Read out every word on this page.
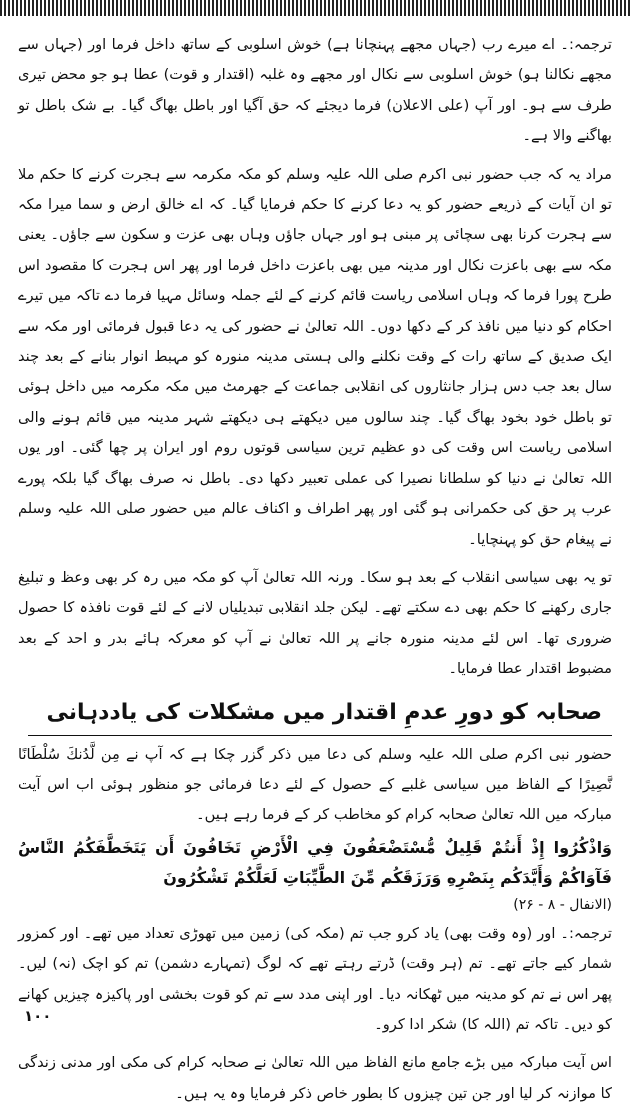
ترجمہ:۔ اے میرے رب (جہاں مجھے پہنچانا ہے) خوش اسلوبی کے ساتھ داخل فرما اور (جہاں سے مجھے نکالنا ہو) خوش اسلوبی سے نکال اور مجھے وہ غلبہ (اقتدار و قوت) عطا ہو جو محض تیری طرف سے ہو۔ اور آپ (علی الاعلان) فرما دیجئے کہ حق آگیا اور باطل بھاگ گیا۔ بے شک باطل تو بھاگنے والا ہے۔

مراد یہ کہ جب حضور نبی اکرم صلی اللہ علیہ وسلم کو مکہ مکرمہ سے ہجرت کرنے کا حکم ملا تو ان آیات کے ذریعے حضور کو یہ دعا کرنے کا حکم فرمایا گیا۔ کہ اے خالق ارض و سما میرا مکہ سے ہجرت کرنا بھی سچائی پر مبنی ہو اور جہاں جاؤں وہاں بھی عزت و سکون سے جاؤں۔ یعنی مکہ سے بھی باعزت نکال اور مدینہ میں بھی باعزت داخل فرما اور پھر اس ہجرت کا مقصود اس طرح پورا فرما کہ وہاں اسلامی ریاست قائم کرنے کے لئے جملہ وسائل مہیا فرما دے تاکہ میں تیرے احکام کو دنیا میں نافذ کر کے دکھا دوں۔ اللہ تعالیٰ نے حضور کی یہ دعا قبول فرمائی اور مکہ سے ایک صدیق کے ساتھ رات کے وقت نکلنے والی ہستی مدینہ منورہ کو مہبط انوار بنانے کے بعد چند سال بعد جب دس ہزار جانثاروں کی انقلابی جماعت کے جھرمٹ میں مکہ مکرمہ میں داخل ہوئی تو باطل خود بخود بھاگ گیا۔ چند سالوں میں دیکھتے ہی دیکھتے شہر مدینہ میں قائم ہونے والی اسلامی ریاست اس وقت کی دو عظیم ترین سیاسی قوتوں روم اور ایران پر چھا گئی۔ اور یوں اللہ تعالیٰ نے دنیا کو سلطانا نصیرا کی عملی تعبیر دکھا دی۔ باطل نہ صرف بھاگ گیا بلکہ پورے عرب پر حق کی حکمرانی ہو گئی اور پھر اطراف و اکناف عالم میں حضور صلی اللہ علیہ وسلم نے پیغام حق کو پہنچایا۔

تو یہ بھی سیاسی انقلاب کے بعد ہو سکا۔ ورنہ اللہ تعالیٰ آپ کو مکہ میں رہ کر بھی وعظ و تبلیغ جاری رکھنے کا حکم بھی دے سکتے تھے۔ لیکن جلد انقلابی تبدیلیاں لانے کے لئے قوت نافذہ کا حصول ضروری تھا۔ اس لئے مدینہ منورہ جانے پر اللہ تعالیٰ نے آپ کو معرکہ ہائے بدر و احد کے بعد مضبوط اقتدار عطا فرمایا۔

صحابہ کو دورِ عدمِ اقتدار میں مشکلات کی یاددہانی

حضور نبی اکرم صلی اللہ علیہ وسلم کی دعا میں ذکر گزر چکا ہے کہ آپ نے مِن لَّدُنكَ سُلْطَانًا نَّصِيرًا کے الفاظ میں سیاسی غلبے کے حصول کے لئے دعا فرمائی جو منظور ہوئی اب اس آیت مبارکہ میں اللہ تعالیٰ صحابہ کرام کو مخاطب کر کے فرما رہے ہیں۔

وَاذْكُرُوا إِذْ أَنتُمْ قَلِيلٌ مُّسْتَضْعَفُونَ فِي الْأَرْضِ تَخَافُونَ أَن يَتَخَطَّفَكُمُ النَّاسُ فَآوَاكُمْ وَأَيَّدَكُم بِنَصْرِهِ وَرَزَقَكُم مِّنَ الطَّيِّبَاتِ لَعَلَّكُمْ تَشْكُرُونَ

(الانفال - ۸ - ۲۶)

ترجمہ:۔ اور (وہ وقت بھی) یاد کرو جب تم (مکہ کی) زمین میں تھوڑی تعداد میں تھے۔ اور کمزور شمار کیے جاتے تھے۔ تم (ہر وقت) ڈرتے رہتے تھے کہ لوگ (تمہارے دشمن) تم کو اچک (نہ) لیں۔ پھر اس نے تم کو مدینہ میں ٹھکانہ دیا۔ اور اپنی مدد سے تم کو قوت بخشی اور پاکیزہ چیزیں کھانے کو دیں۔ تاکہ تم (اللہ کا) شکر ادا کرو۔

اس آیت مبارکہ میں بڑے جامع مانع الفاظ میں اللہ تعالیٰ نے صحابہ کرام کی مکی اور مدنی زندگی کا موازنہ کر لیا اور جن تین چیزوں کا بطور خاص ذکر فرمایا وہ یہ ہیں۔

۱۰۰
